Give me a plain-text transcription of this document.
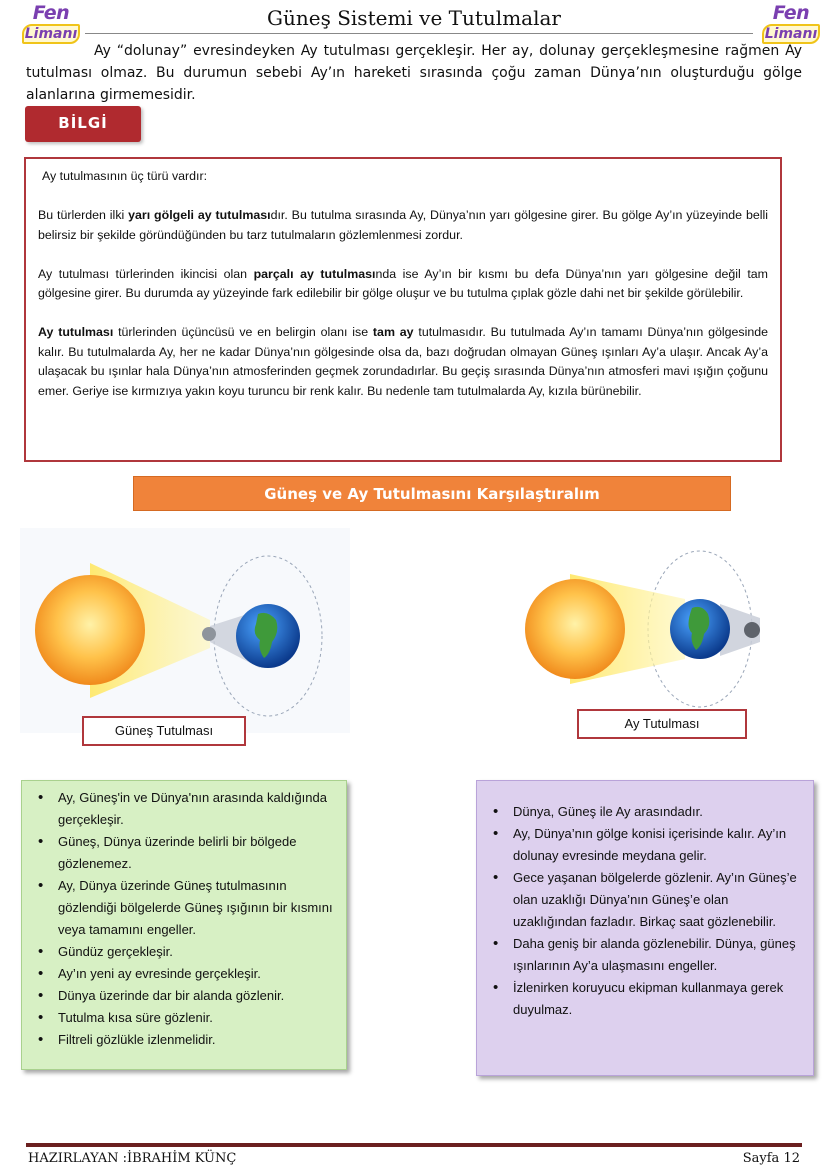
Fen
Limanı
Güneş Sistemi ve Tutulmalar	Fen
Limanı

Ay “dolunay” evresindeyken Ay tutulması gerçekleşir. Her ay, dolunay gerçekleşmesine rağmen Ay tutulması olmaz. Bu durumun sebebi Ay’ın hareketi sırasında çoğu zaman Dünya’nın oluşturduğu gölge alanlarına girmemesidir.

BİLGİ

Ay tutulmasının üç türü vardır:

Bu türlerden ilki yarı gölgeli ay tutulmasıdır. Bu tutulma sırasında Ay, Dünya’nın yarı gölgesine girer. Bu gölge Ay’ın yüzeyinde belli belirsiz bir şekilde göründüğünden bu tarz tutulmaların gözlemlenmesi zordur.

Ay tutulması türlerinden ikincisi olan parçalı ay tutulmasında ise Ay’ın bir kısmı bu defa Dünya’nın yarı gölgesine değil tam gölgesine girer. Bu durumda ay yüzeyinde fark edilebilir bir gölge oluşur ve bu tutulma çıplak gözle dahi net bir şekilde görülebilir.

Ay tutulması türlerinden üçüncüsü ve en belirgin olanı ise tam ay tutulmasıdır. Bu tutulmada Ay’ın tamamı Dünya’nın gölgesinde kalır. Bu tutulmalarda Ay, her ne kadar Dünya’nın gölgesinde olsa da, bazı doğrudan olmayan Güneş ışınları Ay’a ulaşır. Ancak Ay’a ulaşacak bu ışınlar hala Dünya’nın atmosferinden geçmek zorundadırlar. Bu geçiş sırasında Dünya’nın atmosferi mavi ışığın çoğunu emer. Geriye ise kırmızıya yakın koyu turuncu bir renk kalır. Bu nedenle tam tutulmalarda Ay, kızıla bürünebilir.

Güneş ve Ay Tutulmasını Karşılaştıralım
Güneş Tutulması	Ay Tutulması
• Ay, Güneş'in ve Dünya'nın arasında kaldığında gerçekleşir.
• Güneş, Dünya üzerinde belirli bir bölgede gözlenemez.
• Ay, Dünya üzerinde Güneş tutulmasının gözlendiği bölgelerde Güneş ışığının bir kısmını veya tamamını engeller.
• Gündüz gerçekleşir.
• Ay’ın yeni ay evresinde gerçekleşir.
• Dünya üzerinde dar bir alanda gözlenir.
• Tutulma kısa süre gözlenir.
• Filtreli gözlükle izlenmelidir.
• Dünya, Güneş ile Ay arasındadır.
• Ay, Dünya’nın gölge konisi içerisinde kalır. Ay’ın dolunay evresinde meydana gelir.
• Gece yaşanan bölgelerde gözlenir. Ay’ın Güneş’e olan uzaklığı Dünya’nın Güneş’e olan uzaklığından fazladır. Birkaç saat gözlenebilir.
• Daha geniş bir alanda gözlenebilir. Dünya, güneş ışınlarının Ay’a ulaşmasını engeller.
• İzlenirken koruyucu ekipman kullanmaya gerek duyulmaz.
HAZIRLAYAN :İBRAHİM KÜNÇ	Sayfa 12
